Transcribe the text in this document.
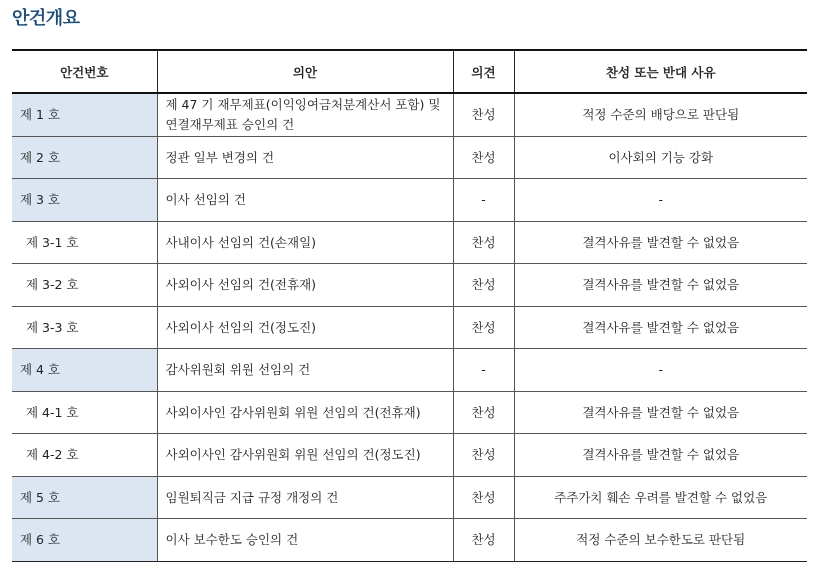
안건개요
안건번호	의안	의견	찬성 또는 반대 사유
제 1 호	제 47 기 재무제표(이익잉여금처분계산서 포함) 및 연결재무제표 승인의 건	찬성	적정 수준의 배당으로 판단됨
제 2 호	정관 일부 변경의 건	찬성	이사회의 기능 강화
제 3 호	이사 선임의 건	-	-
제 3-1 호	사내이사 선임의 건(손재일)	찬성	결격사유를 발견할 수 없었음
제 3-2 호	사외이사 선임의 건(전휴재)	찬성	결격사유를 발견할 수 없었음
제 3-3 호	사외이사 선임의 건(정도진)	찬성	결격사유를 발견할 수 없었음
제 4 호	감사위원회 위원 선임의 건	-	-
제 4-1 호	사외이사인 감사위원회 위원 선임의 건(전휴재)	찬성	결격사유를 발견할 수 없었음
제 4-2 호	사외이사인 감사위원회 위원 선임의 건(정도진)	찬성	결격사유를 발견할 수 없었음
제 5 호	임원퇴직금 지급 규정 개정의 건	찬성	주주가치 훼손 우려를 발견할 수 없었음
제 6 호	이사 보수한도 승인의 건	찬성	적정 수준의 보수한도로 판단됨
